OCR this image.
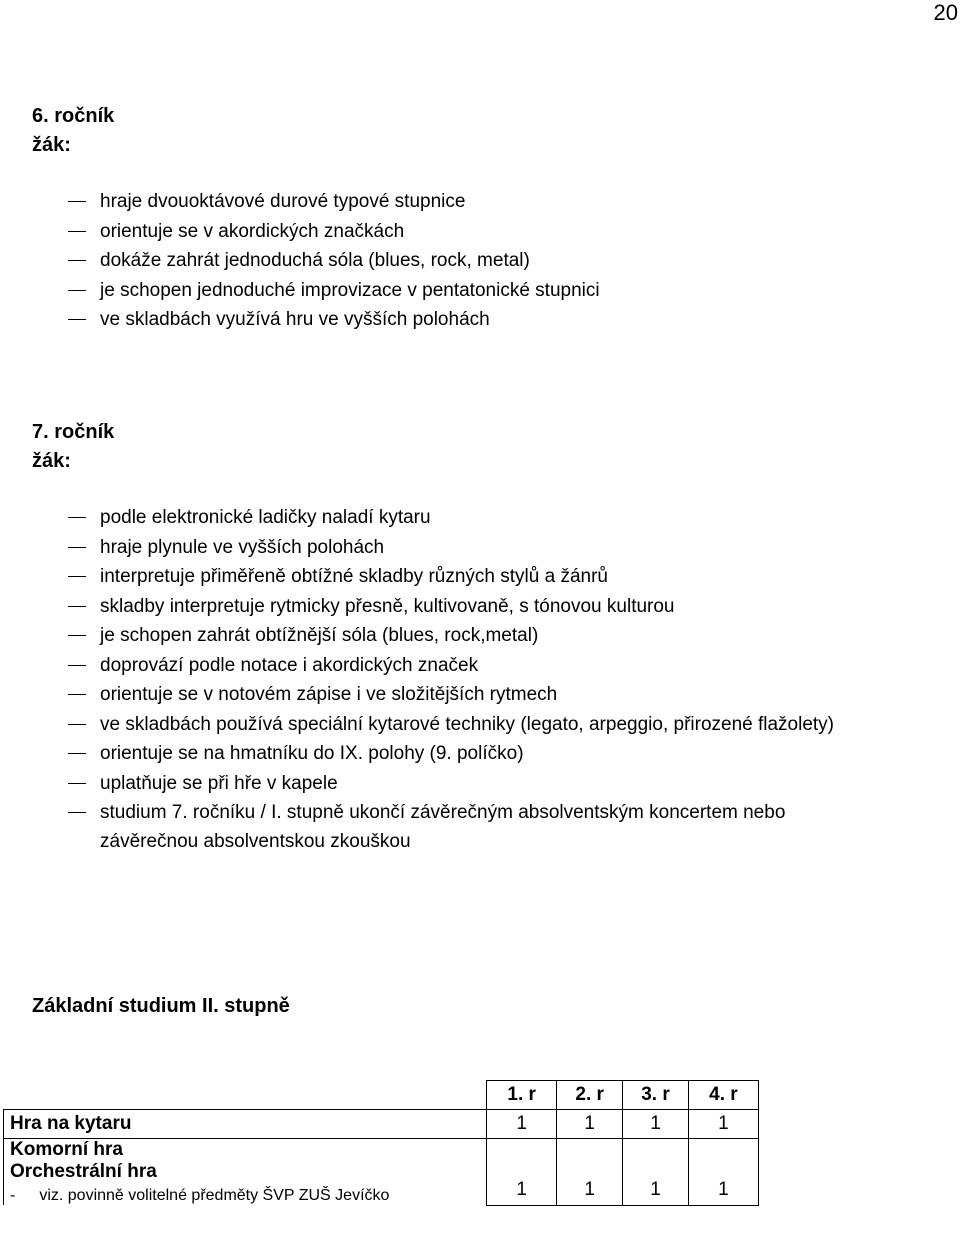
20
6. ročník
žák:
hraje dvouoktávové durové typové stupnice
orientuje se v akordických značkách
dokáže zahrát jednoduchá sóla (blues, rock, metal)
je schopen jednoduché improvizace v pentatonické stupnici
ve skladbách využívá hru ve vyšších polohách
7. ročník
žák:
podle elektronické ladičky naladí kytaru
hraje plynule ve vyšších polohách
interpretuje přiměřeně obtížné skladby různých stylů a žánrů
skladby interpretuje rytmicky přesně, kultivovaně, s tónovou kulturou
je schopen zahrát obtížnější sóla (blues, rock,metal)
doprovází podle notace i akordických značek
orientuje se v notovém zápise i ve složitějších rytmech
ve skladbách používá speciální kytarové techniky (legato, arpeggio, přirozené flažolety)
orientuje se na hmatníku do IX. polohy (9. políčko)
uplatňuje se při hře v kapele
studium 7. ročníku / I. stupně ukončí závěrečným absolventským koncertem nebo
závěrečnou absolventskou zkouškou
Základní studium II. stupně
	1. r	2. r	3. r	4. r
Hra na kytaru	1	1	1	1

Komorní hra
Orchestrální hra
- viz. povinně volitelné předměty ŠVP ZUŠ Jevíčko	1	1	1	1
